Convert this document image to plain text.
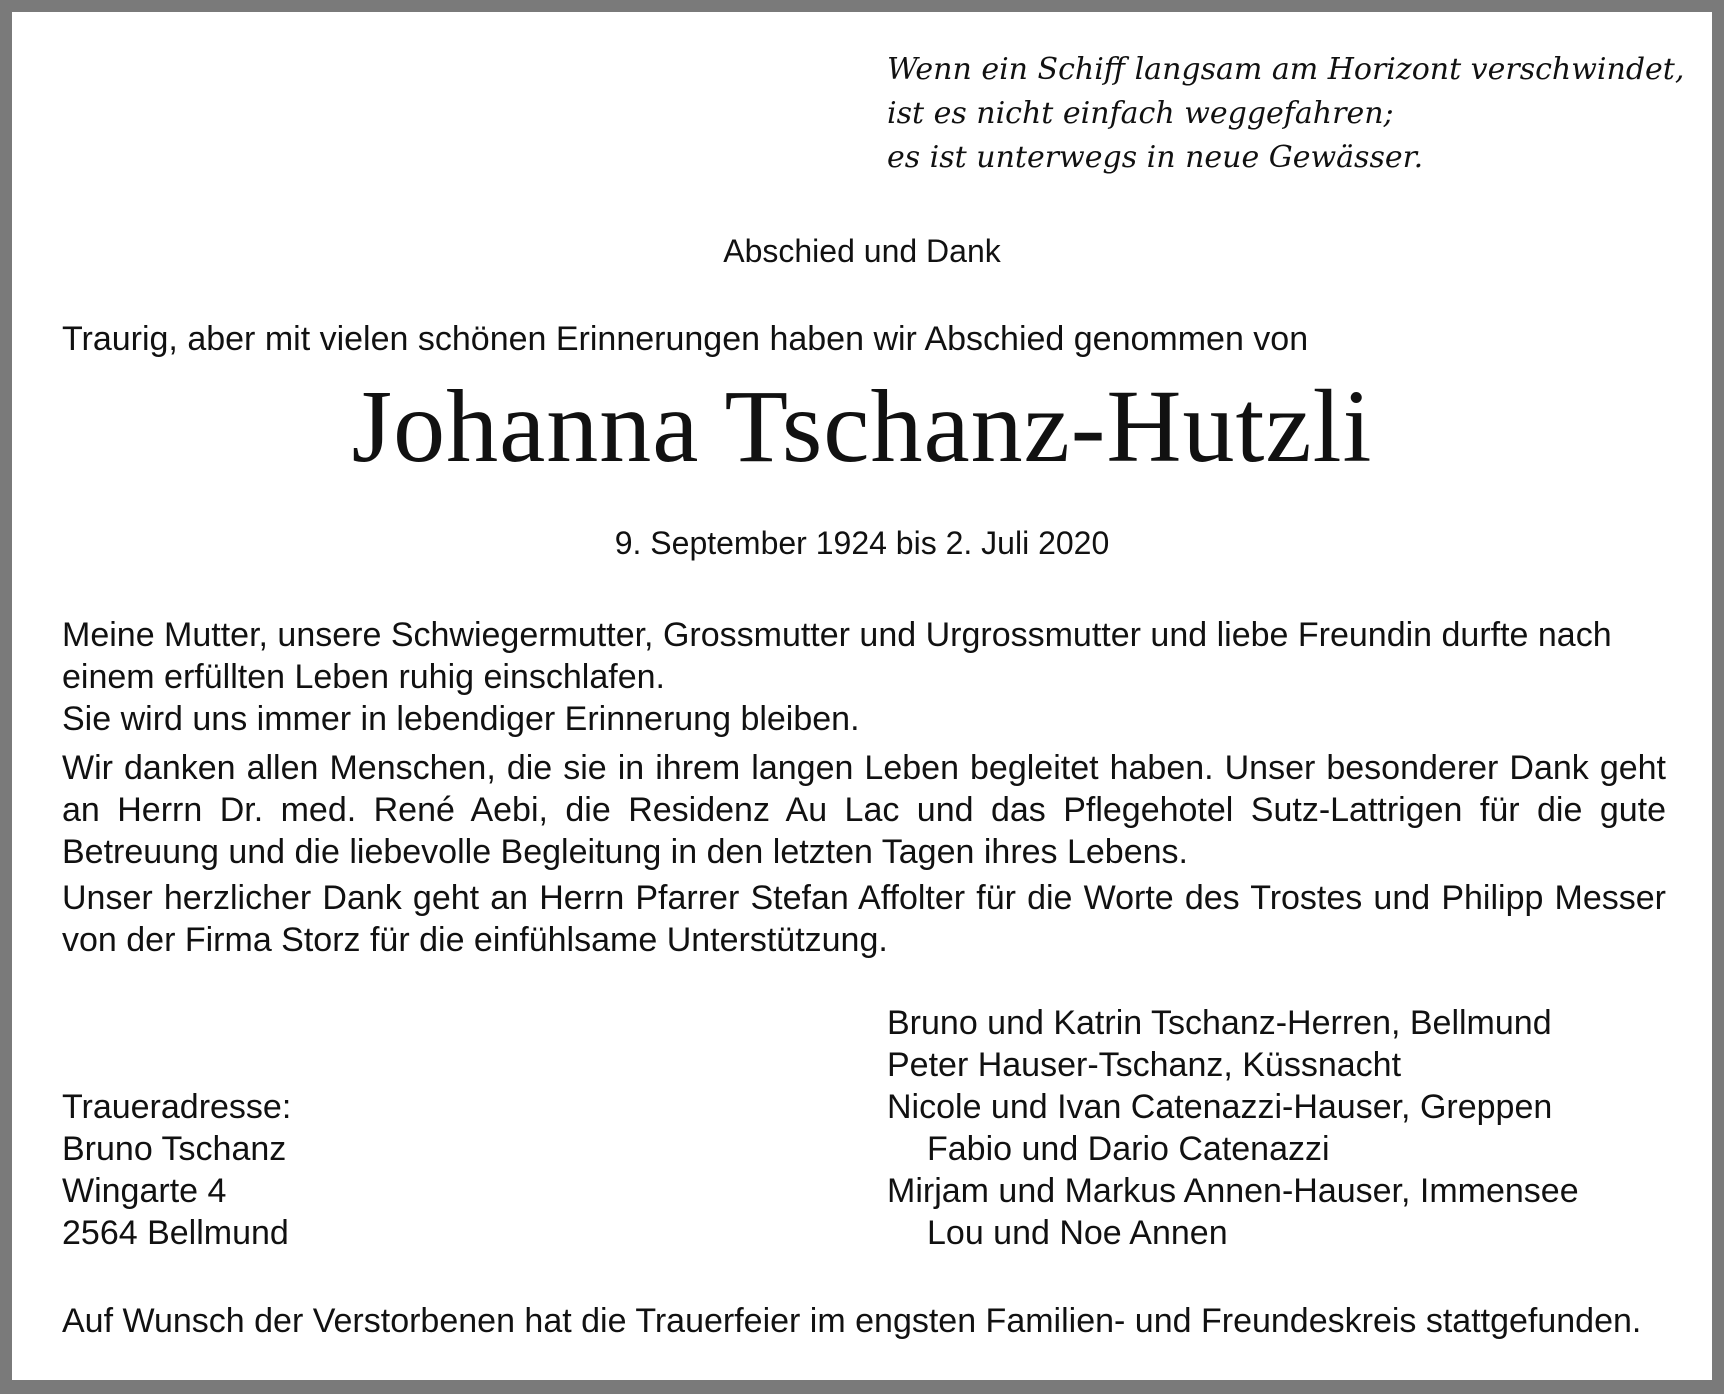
Wenn ein Schiff langsam am Horizont verschwindet,
ist es nicht einfach weggefahren;
es ist unterwegs in neue Gewässer.
Abschied und Dank
Traurig, aber mit vielen schönen Erinnerungen haben wir Abschied genommen von
Johanna Tschanz-Hutzli
9. September 1924 bis 2. Juli 2020

Meine Mutter, unsere Schwiegermutter, Grossmutter und Urgrossmutter und liebe Freundin durfte nach einem erfüllten Leben ruhig einschlafen.

Sie wird uns immer in lebendiger Erinnerung bleiben.

Wir danken allen Menschen, die sie in ihrem langen Leben begleitet haben. Unser besonderer Dank geht an Herrn Dr. med. René Aebi, die Residenz Au Lac und das Pflegehotel Sutz-Lattrigen für die gute Betreuung und die liebevolle Begleitung in den letzten Tagen ihres Lebens.

Unser herzlicher Dank geht an Herrn Pfarrer Stefan Affolter für die Worte des Trostes und Philipp Messer von der Firma Storz für die einfühlsame Unterstützung.

Bruno und Katrin Tschanz-Herren, Bellmund
Peter Hauser-Tschanz, Küssnacht
Nicole und Ivan Catenazzi-Hauser, Greppen
Fabio und Dario Catenazzi
Mirjam und Markus Annen-Hauser, Immensee
Lou und Noe Annen
Traueradresse:
Bruno Tschanz
Wingarte 4
2564 Bellmund
Auf Wunsch der Verstorbenen hat die Trauerfeier im engsten Familien- und Freundeskreis stattgefunden.
